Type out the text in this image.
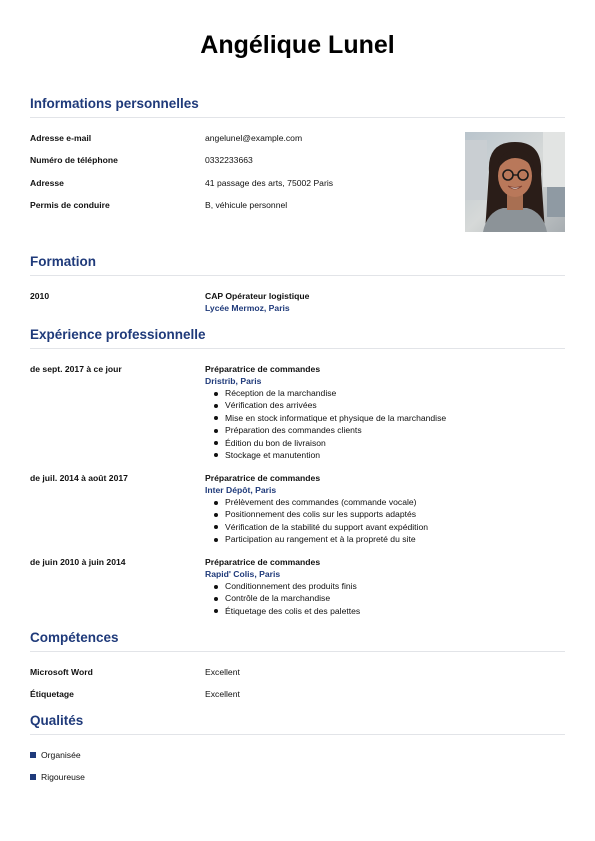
Angélique Lunel
Informations personnelles
Adresse e-mail	angelunel@example.com
Numéro de téléphone	0332233663
Adresse	41 passage des arts, 75002 Paris
Permis de conduire	B, véhicule personnel
Formation
2010	CAP Opérateur logistique
Lycée Mermoz, Paris
Expérience professionnelle
de sept. 2017 à ce jour	Préparatrice de commandes
Dristrib, Paris
Réception de la marchandise
Vérification des arrivées
Mise en stock informatique et physique de la marchandise
Préparation des commandes clients
Édition du bon de livraison
Stockage et manutention
de juil. 2014 à août 2017	Préparatrice de commandes
Inter Dépôt, Paris
Prélèvement des commandes (commande vocale)
Positionnement des colis sur les supports adaptés
Vérification de la stabilité du support avant expédition
Participation au rangement et à la propreté du site
de juin 2010 à juin 2014	Préparatrice de commandes
Rapid' Colis, Paris
Conditionnement des produits finis
Contrôle de la marchandise
Étiquetage des colis et des palettes
Compétences
Microsoft Word	Excellent
Étiquetage	Excellent
Qualités
Organisée
Rigoureuse
